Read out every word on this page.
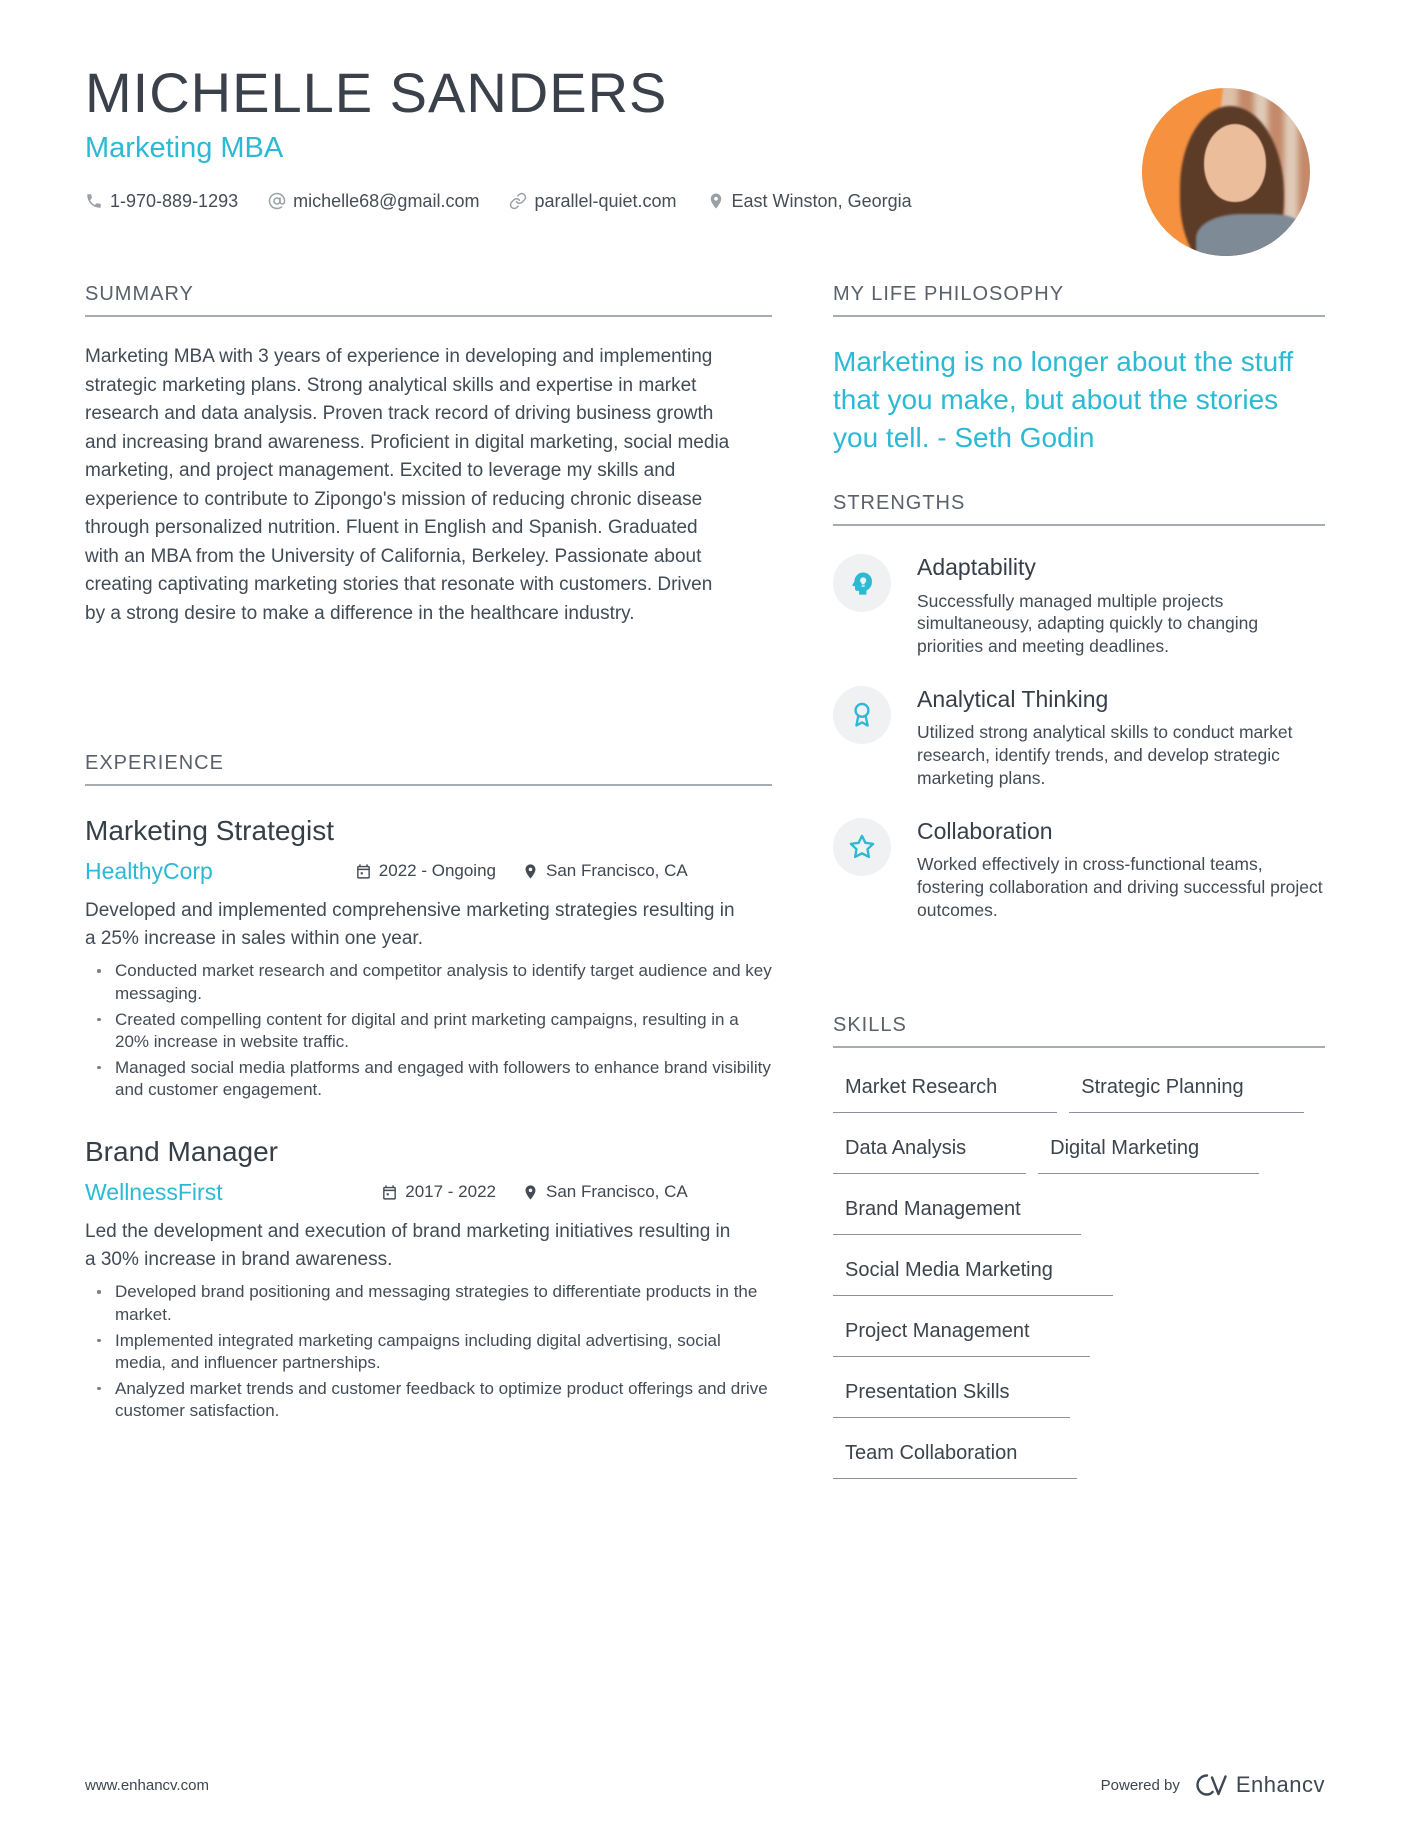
MICHELLE SANDERS
Marketing MBA
1-970-889-1293	michelle68@gmail.com	parallel-quiet.com	East Winston, Georgia
SUMMARY
Marketing MBA with 3 years of experience in developing and implementing strategic marketing plans. Strong analytical skills and expertise in market research and data analysis. Proven track record of driving business growth and increasing brand awareness. Proficient in digital marketing, social media marketing, and project management. Excited to leverage my skills and experience to contribute to Zipongo's mission of reducing chronic disease through personalized nutrition. Fluent in English and Spanish. Graduated with an MBA from the University of California, Berkeley. Passionate about creating captivating marketing stories that resonate with customers. Driven by a strong desire to make a difference in the healthcare industry.
EXPERIENCE
Marketing Strategist
HealthyCorp	2022 - Ongoing	San Francisco, CA
Developed and implemented comprehensive marketing strategies resulting in a 25% increase in sales within one year.
Conducted market research and competitor analysis to identify target audience and key messaging.
Created compelling content for digital and print marketing campaigns, resulting in a 20% increase in website traffic.
Managed social media platforms and engaged with followers to enhance brand visibility and customer engagement.
Brand Manager
WellnessFirst	2017 - 2022	San Francisco, CA
Led the development and execution of brand marketing initiatives resulting in a 30% increase in brand awareness.
Developed brand positioning and messaging strategies to differentiate products in the market.
Implemented integrated marketing campaigns including digital advertising, social media, and influencer partnerships.
Analyzed market trends and customer feedback to optimize product offerings and drive customer satisfaction.
MY LIFE PHILOSOPHY
Marketing is no longer about the stuff that you make, but about the stories you tell. - Seth Godin
STRENGTHS
Adaptability
Successfully managed multiple projects simultaneousy, adapting quickly to changing priorities and meeting deadlines.
Analytical Thinking
Utilized strong analytical skills to conduct market research, identify trends, and develop strategic marketing plans.
Collaboration
Worked effectively in cross-functional teams, fostering collaboration and driving successful project outcomes.
SKILLS
Market Research	Strategic Planning
Data Analysis	Digital Marketing
Brand Management
Social Media Marketing
Project Management
Presentation Skills
Team Collaboration
www.enhancv.com	Powered by	Enhancv
